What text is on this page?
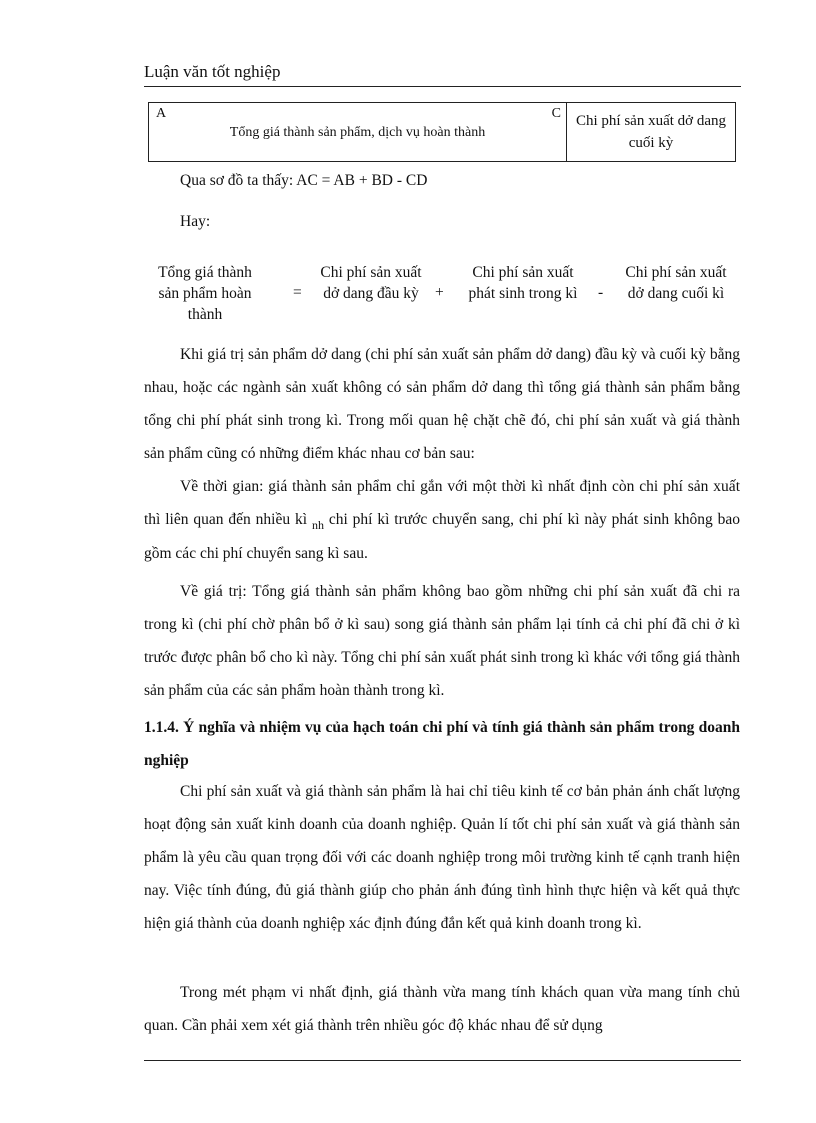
Luận văn tốt nghiệp
A	C
Tổng giá thành sản phẩm, dịch vụ hoàn thành
Chi phí sản xuất dở dang cuối kỳ
Qua sơ đồ ta thấy: AC = AB + BD - CD
Hay:
Tổng giá thành sản phẩm hoàn thành
=
Chi phí sản xuất dở dang đầu kỳ	+
Chi phí sản xuất phát sinh trong kì	-
Chi phí sản xuất dở dang cuối kì

Khi giá trị sản phẩm dở dang (chi phí sản xuất sản phẩm dở dang) đầu kỳ và cuối kỳ bằng nhau, hoặc các ngành sản xuất không có sản phẩm dở dang thì tổng giá thành sản phẩm bằng tổng chi phí phát sinh trong kì. Trong mối quan hệ chặt chẽ đó, chi phí sản xuất và giá thành sản phẩm cũng có những điểm khác nhau cơ bản sau:

Về thời gian: giá thành sản phẩm chỉ gắn với một thời kì nhất định còn chi phí sản xuất thì liên quan đến nhiều kì $_{nh}$ chi phí kì trước chuyển sang, chi phí kì này phát sinh không bao gồm các chi phí chuyển sang kì sau.

Về giá trị: Tổng giá thành sản phẩm không bao gồm những chi phí sản xuất đã chi ra trong kì (chi phí chờ phân bổ ở kì sau) song giá thành sản phẩm lại tính cả chi phí đã chi ở kì trước được phân bổ cho kì này. Tổng chi phí sản xuất phát sinh trong kì khác với tổng giá thành sản phẩm của các sản phẩm hoàn thành trong kì.

1.1.4. Ý nghĩa và nhiệm vụ của hạch toán chi phí và tính giá thành sản phẩm trong doanh nghiệp

Chi phí sản xuất và giá thành sản phẩm là hai chỉ tiêu kinh tế cơ bản phản ánh chất lượng hoạt động sản xuất kinh doanh của doanh nghiệp. Quản lí tốt chi phí sản xuất và giá thành sản phẩm là yêu cầu quan trọng đối với các doanh nghiệp trong môi trường kinh tế cạnh tranh hiện nay. Việc tính đúng, đủ giá thành giúp cho phản ánh đúng tình hình thực hiện và kết quả thực hiện giá thành của doanh nghiệp xác định đúng đắn kết quả kinh doanh trong kì.

Trong mét phạm vi nhất định, giá thành vừa mang tính khách quan vừa mang tính chủ quan. Cần phải xem xét giá thành trên nhiều góc độ khác nhau để sử dụng
